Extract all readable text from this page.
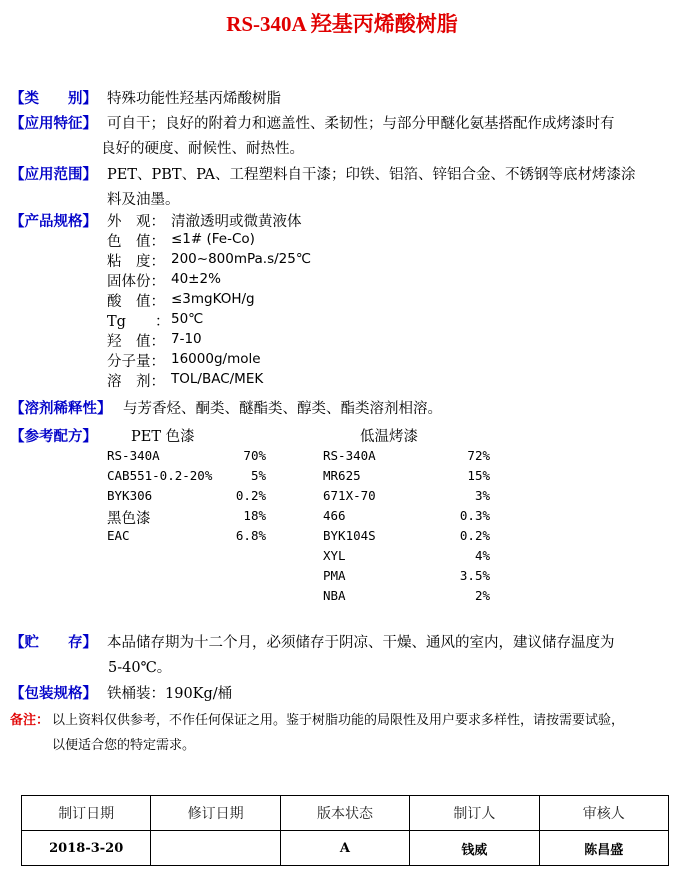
RS-340A 羟基丙烯酸树脂
【类　　别】 特殊功能性羟基丙烯酸树脂
【应用特征】 可自干；良好的附着力和遮盖性、柔韧性；与部分甲醚化氨基搭配作成烤漆时有
良好的硬度、耐候性、耐热性。
【应用范围】 PET、PBT、PA、工程塑料自干漆；印铁、铝箔、锌铝合金、不锈钢等底材烤漆涂
料及油墨。
【产品规格】 外　观： 清澈透明或微黄液体
色　值： ≤1# (Fe-Co)
粘　度： 200~800mPa.s/25℃
固体份： 40±2%
酸　值： ≤3mgKOH/g
Tg　　： 50℃
羟　值： 7-10
分子量： 16000g/mole
溶　剂： TOL/BAC/MEK
【溶剂稀释性】 与芳香烃、酮类、醚酯类、醇类、酯类溶剂相溶。
【参考配方】 PET 色漆	低温烤漆
RS-340A	70%
CAB551-0.2-20%	5%
BYK306	0.2%
黑色漆	18%
EAC	6.8%
RS-340A	72%
MR625	15%
671X-70	3%
466	0.3%
BYK104S	0.2%
XYL	4%
PMA	3.5%
NBA	2%
【贮　　存】 本品储存期为十二个月，必须储存于阴凉、干燥、通风的室内，建议储存温度为
5-40℃。
【包装规格】 铁桶装：190Kg/桶
备注： 以上资料仅供参考，不作任何保证之用。鉴于树脂功能的局限性及用户要求多样性，请按需要试验，
以便适合您的特定需求。
制订日期	修订日期	版本状态	制订人	审核人
2018-3-20		A	钱威	陈昌盛
